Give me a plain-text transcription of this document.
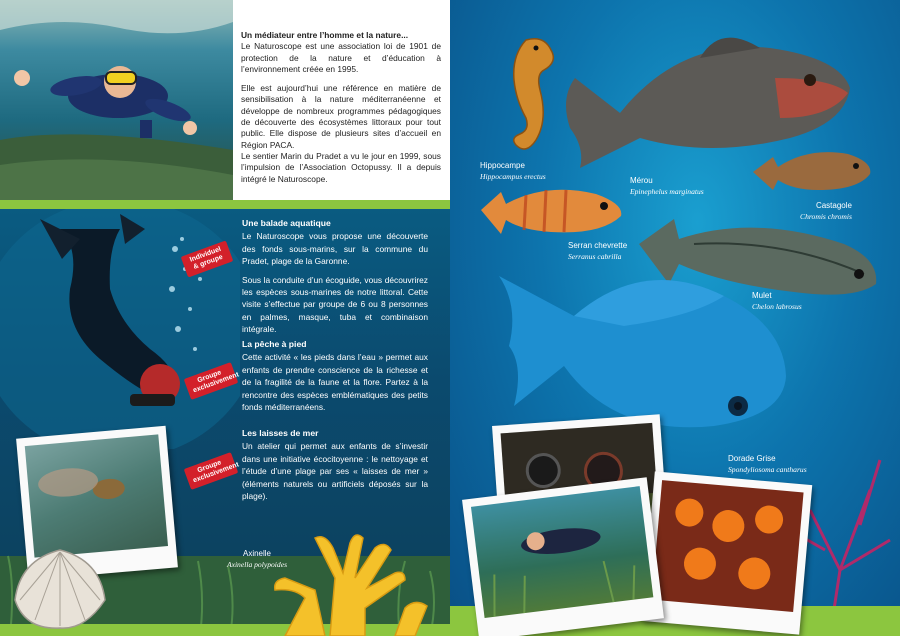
Un médiateur entre l’homme et la nature...

Le Naturoscope est une association loi de 1901 de protection de la nature et d’éducation à l’environnement créée en 1995.

Elle est aujourd’hui une référence en matière de sensibilisation à la nature méditerranéenne et développe de nombreux programmes pédagogiques de découverte des écosystèmes littoraux pour tout public. Elle dispose de plusieurs sites d’accueil en Région PACA.

Le sentier Marin du Pradet a vu le jour en 1999, sous l’impulsion de l’Association Octopussy. Il a depuis intégré le Naturoscope.

Une balade aquatique

Le Naturoscope vous propose une découverte des fonds sous-marins, sur la commune du Pradet, plage de la Garonne.

Sous la conduite d’un écoguide, vous découvrirez les espèces sous-marines de notre littoral. Cette visite s’effectue par groupe de 6 ou 8 personnes en palmes, masque, tuba et combinaison intégrale.

Individuel & groupe
La pêche à pied

Cette activité « les pieds dans l’eau » permet aux enfants de prendre conscience de la richesse et de la fragilité de la faune et la flore. Partez à la rencontre des espèces emblématiques des petits fonds méditerranéens.

Groupe exclusivement
Les laisses de mer

Un atelier qui permet aux enfants de s’investir dans une initiative écocitoyenne : le nettoyage et l’étude d’une plage par ses « laisses de mer » (éléments naturels ou artificiels déposés sur la plage).

Groupe exclusivement
Axinelle
Axinella polypoides
Hippocampe
Hippocampus erectus	Mérou
Epinephelus marginatus
Castagole
Chromis chromis
Serran chevrette
Serranus cabrilla
Mulet
Chelon labrosus
Dorade Grise
Spondyliosoma cantharus
